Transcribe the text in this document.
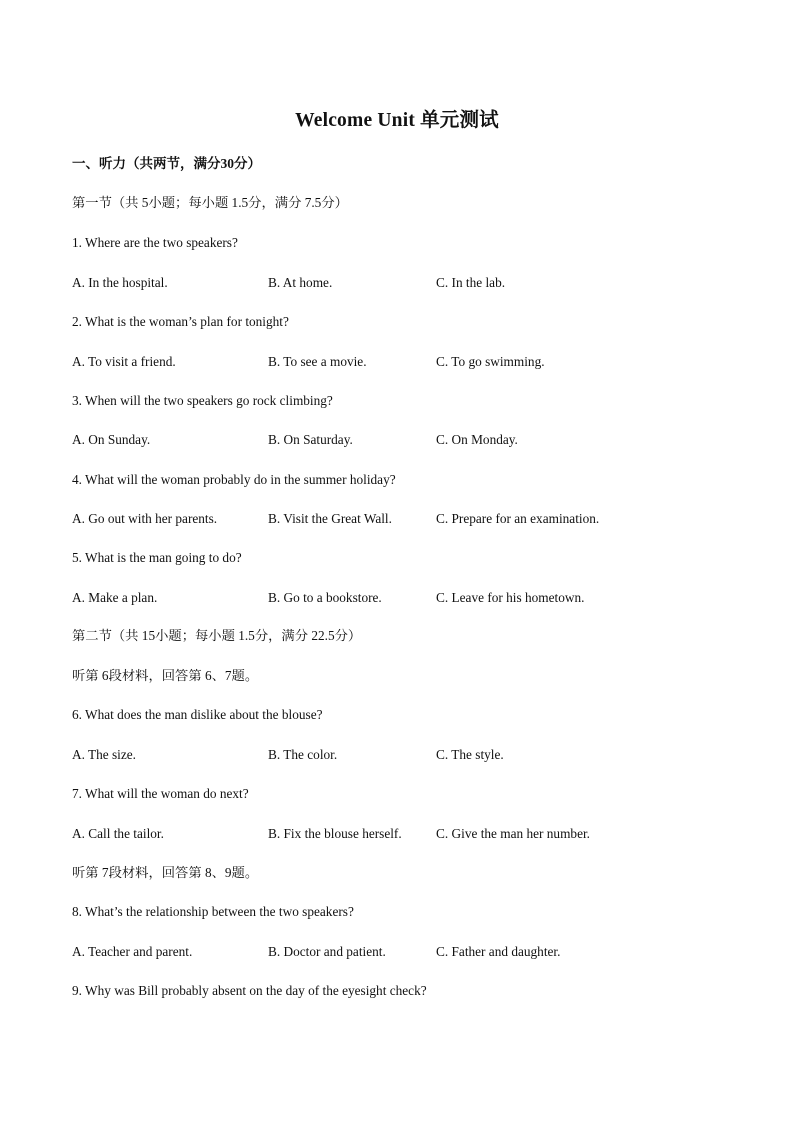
Welcome Unit 单元测试
一、听力（共两节，满分30分）
第一节（共 5小题；每小题 1.5分，满分 7.5分）
1. Where are the two speakers?
A. In the hospital.	B. At home.	C. In the lab.
2. What is the woman’s plan for tonight?
A. To visit a friend.	B. To see a movie.	C. To go swimming.
3. When will the two speakers go rock climbing?
A. On Sunday.	B. On Saturday.	C. On Monday.
4. What will the woman probably do in the summer holiday?
A. Go out with her parents.	B. Visit the Great Wall.	C. Prepare for an examination.
5. What is the man going to do?
A. Make a plan.	B. Go to a bookstore.	C. Leave for his hometown.
第二节（共 15小题；每小题 1.5分，满分 22.5分）
听第 6段材料，回答第 6、7题。
6. What does the man dislike about the blouse?
A. The size.	B. The color.	C. The style.
7. What will the woman do next?
A. Call the tailor.	B. Fix the blouse herself.	C. Give the man her number.
听第 7段材料，回答第 8、9题。
8. What’s the relationship between the two speakers?
A. Teacher and parent.	B. Doctor and patient.	C. Father and daughter.
9. Why was Bill probably absent on the day of the eyesight check?
